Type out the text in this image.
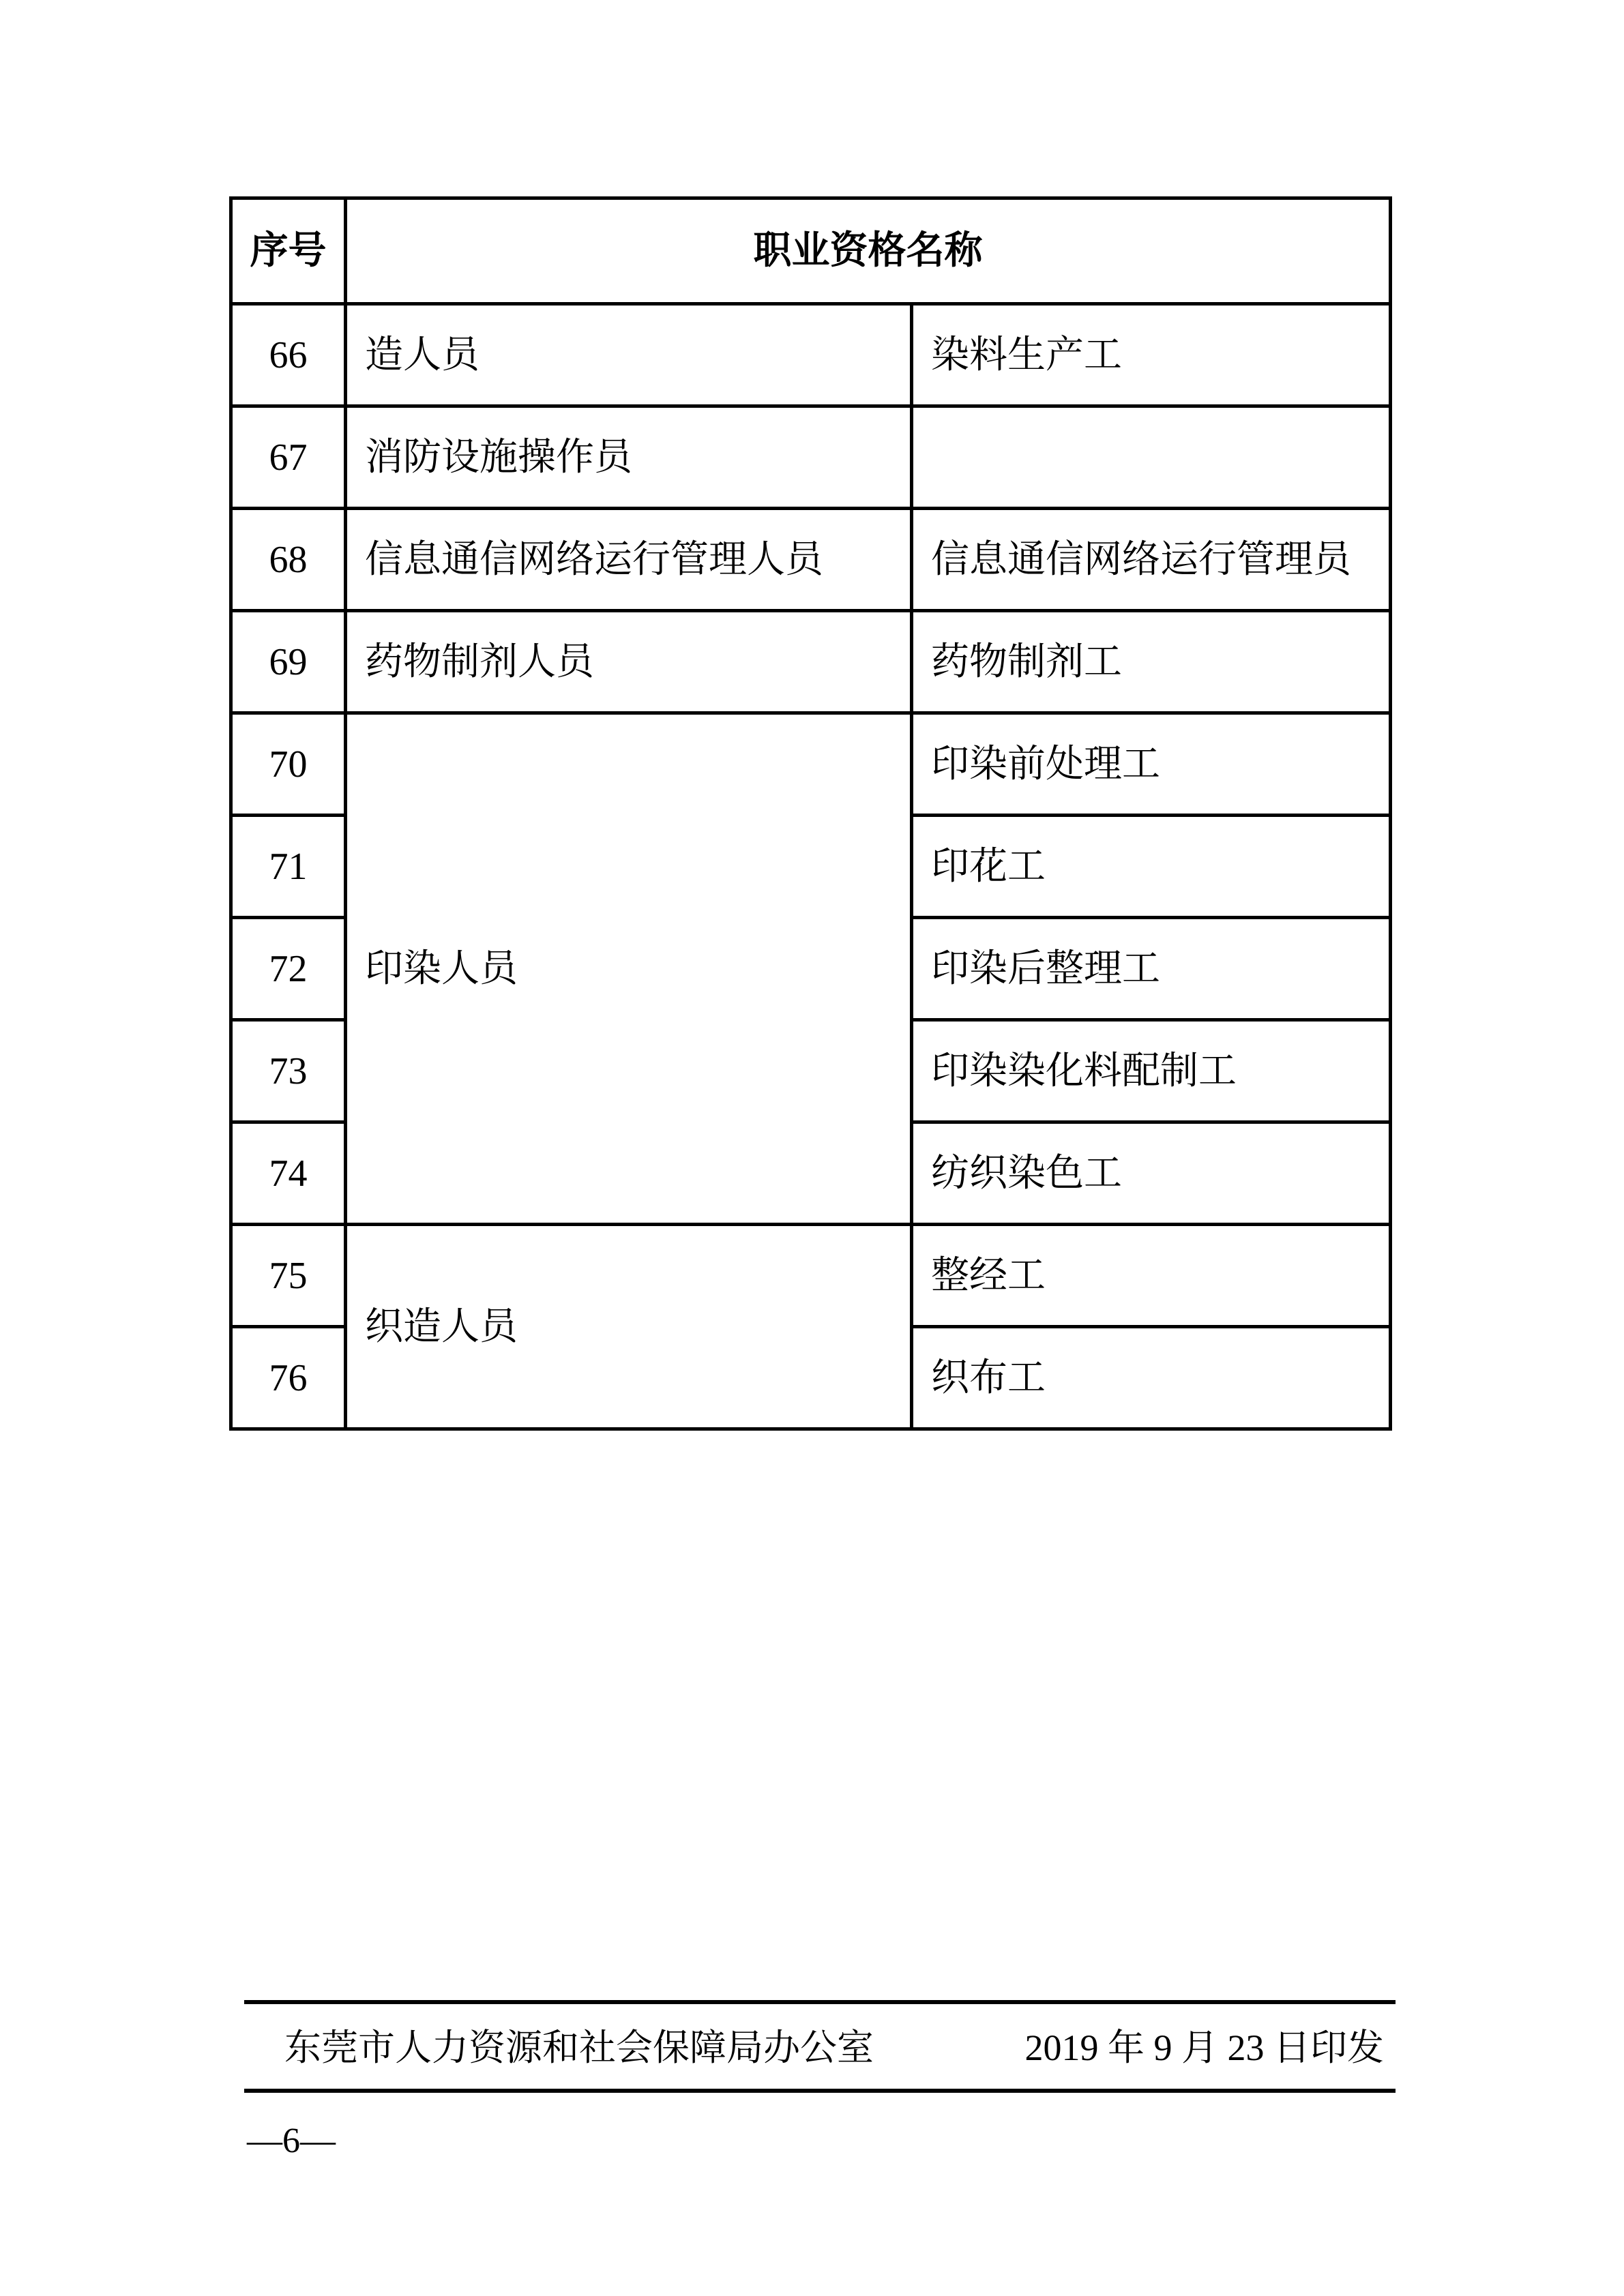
序号	职业资格名称	
66	造人员	染料生产工
67	消防设施操作员	
68	信息通信网络运行管理人员	信息通信网络运行管理员
69	药物制剂人员	药物制剂工
70	印染人员	印染前处理工
71		印花工
72		印染后整理工
73		印染染化料配制工
74		纺织染色工
75	织造人员	整经工
76		织布工
东莞市人力资源和社会保障局办公室	2019 年 9 月 23 日印发
—6—
